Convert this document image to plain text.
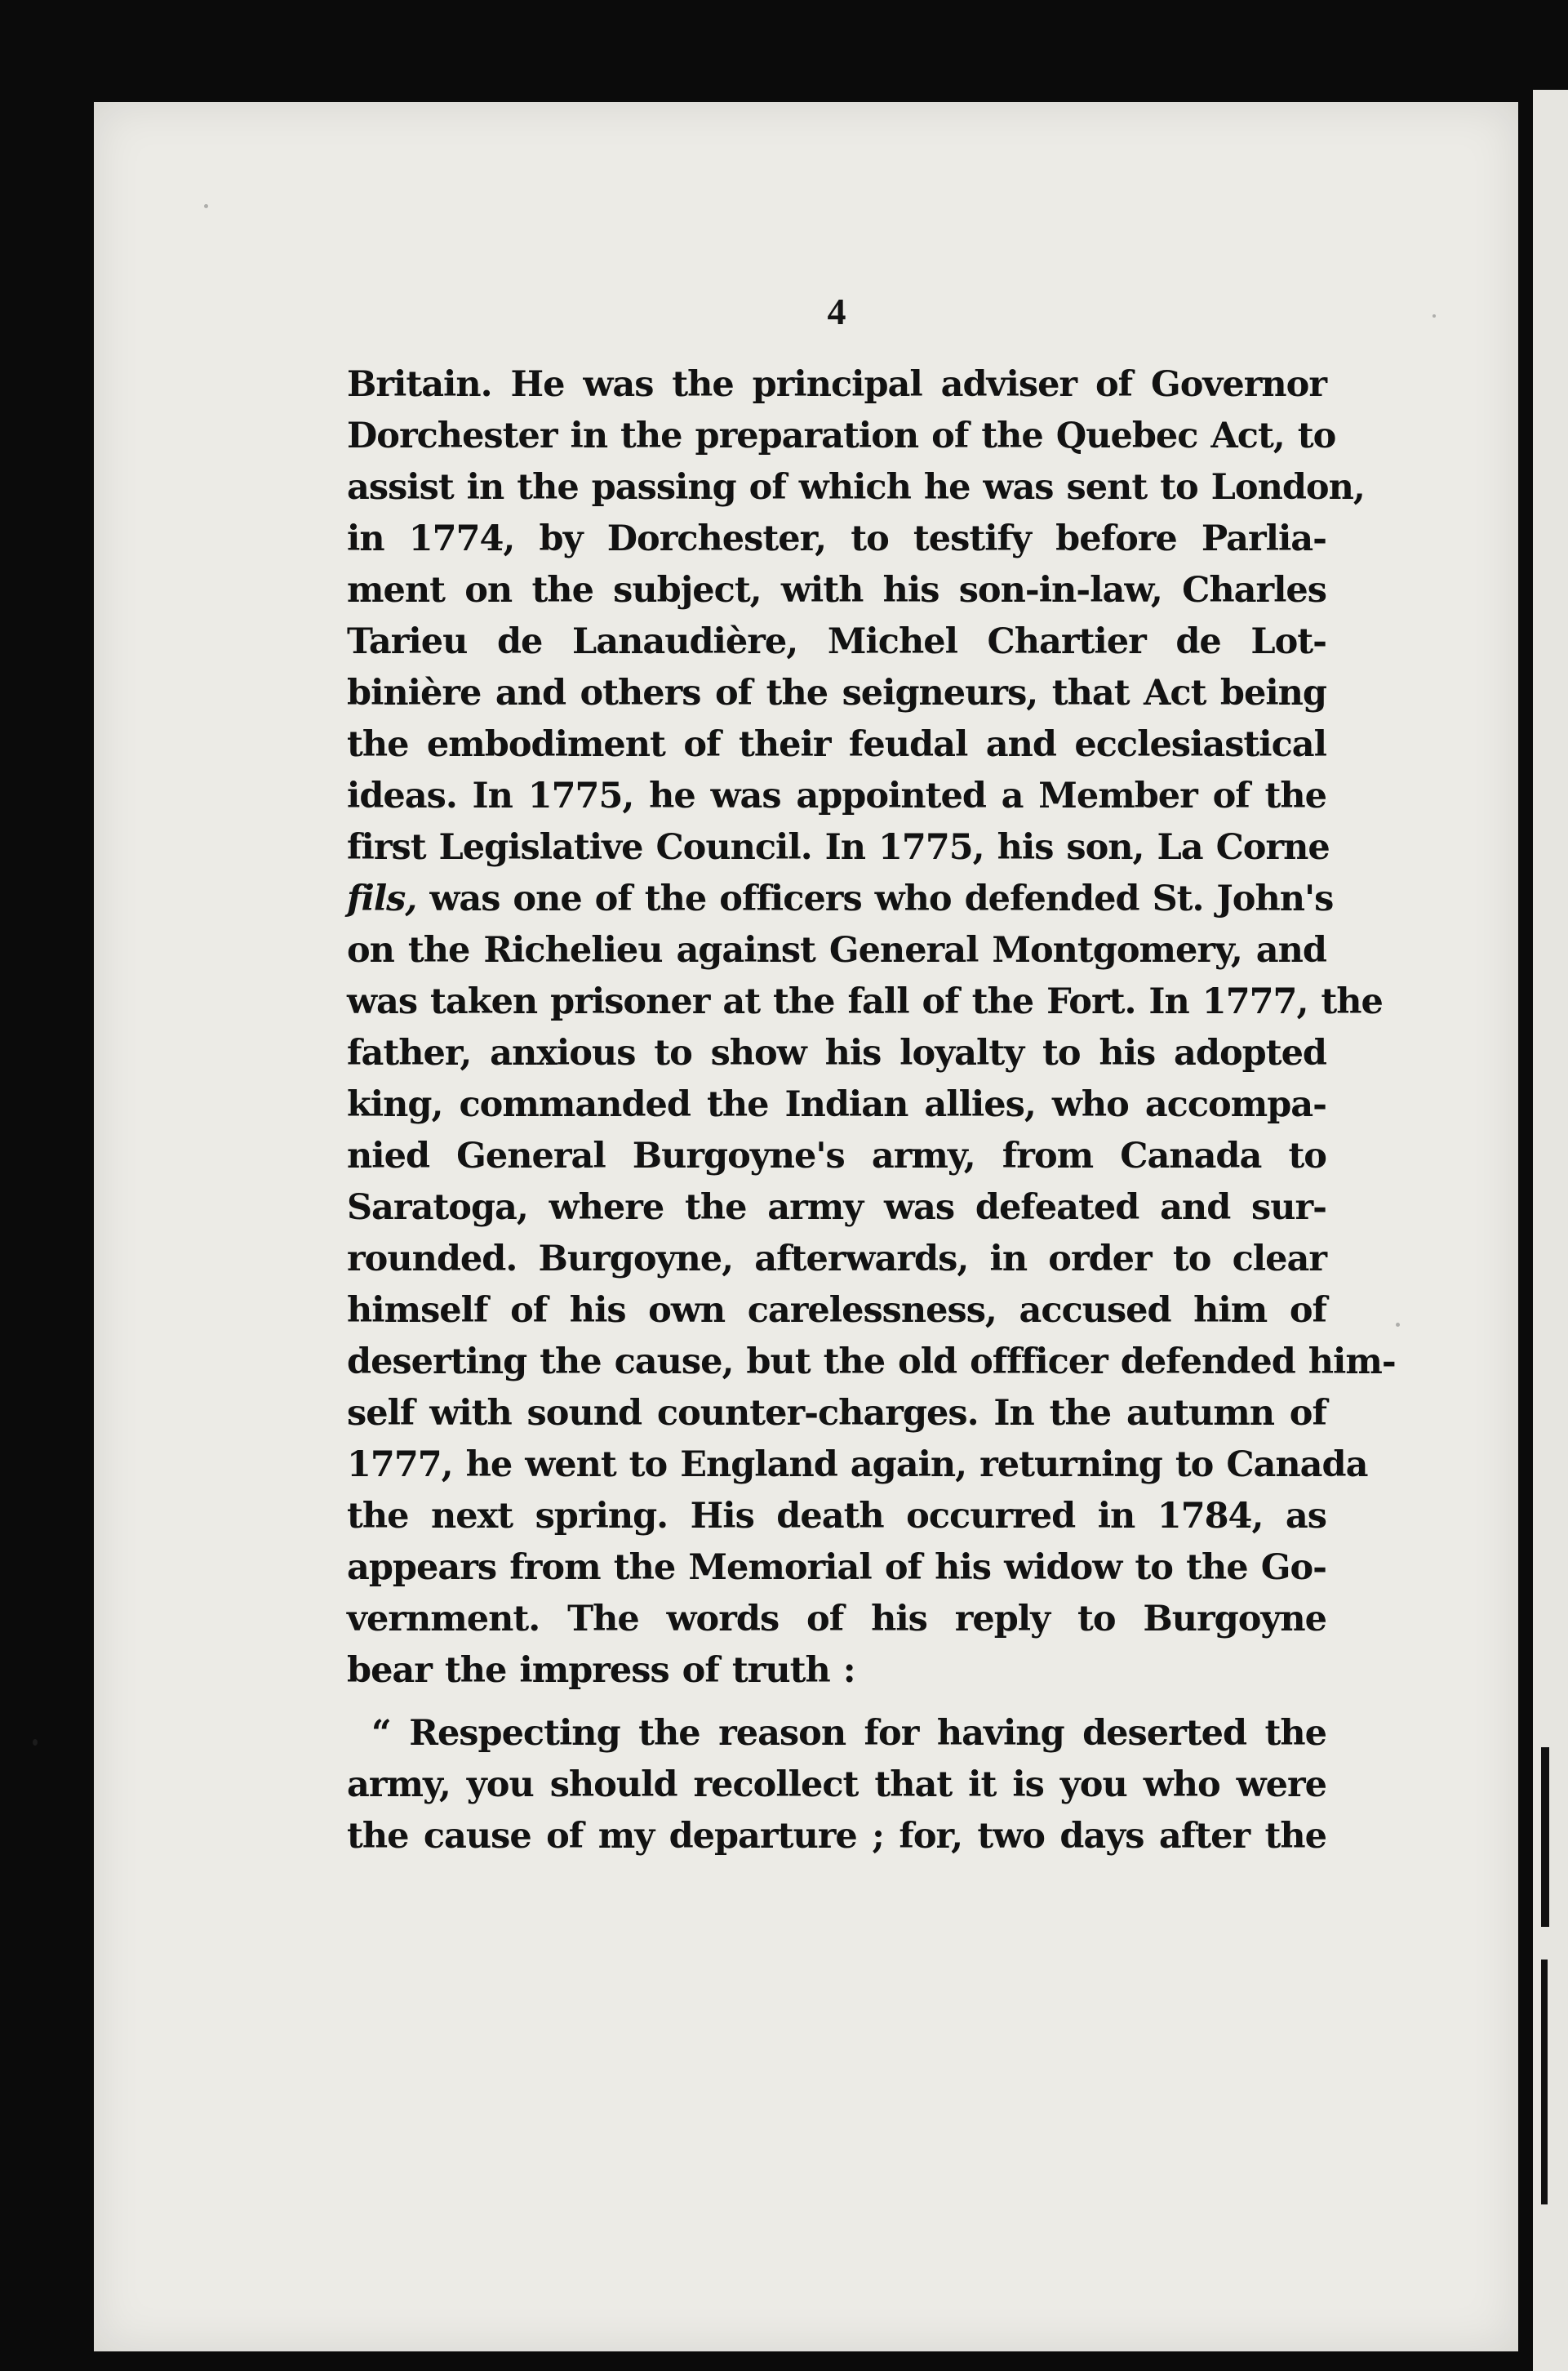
4
Britain. He was the principal adviser of Governor
Dorchester in the preparation of the Quebec Act, to
assist in the passing of which he was sent to London,
in 1774, by Dorchester, to testify before Parlia-
ment on the subject, with his son-in-law, Charles
Tarieu de Lanaudière, Michel Chartier de Lot-
binière and others of the seigneurs, that Act being
the embodiment of their feudal and ecclesiastical
ideas. In 1775, he was appointed a Member of the
first Legislative Council. In 1775, his son, La Corne
fils, was one of the officers who defended St. John's
on the Richelieu against General Montgomery, and
was taken prisoner at the fall of the Fort. In 1777, the
father, anxious to show his loyalty to his adopted
king, commanded the Indian allies, who accompa-
nied General Burgoyne's army, from Canada to
Saratoga, where the army was defeated and sur-
rounded. Burgoyne, afterwards, in order to clear
himself of his own carelessness, accused him of
deserting the cause, but the old offficer defended him-
self with sound counter-charges. In the autumn of
1777, he went to England again, returning to Canada
the next spring. His death occurred in 1784, as
appears from the Memorial of his widow to the Go-
vernment. The words of his reply to Burgoyne
bear the impress of truth :
“ Respecting the reason for having deserted the
army, you should recollect that it is you who were
the cause of my departure ; for, two days after the
